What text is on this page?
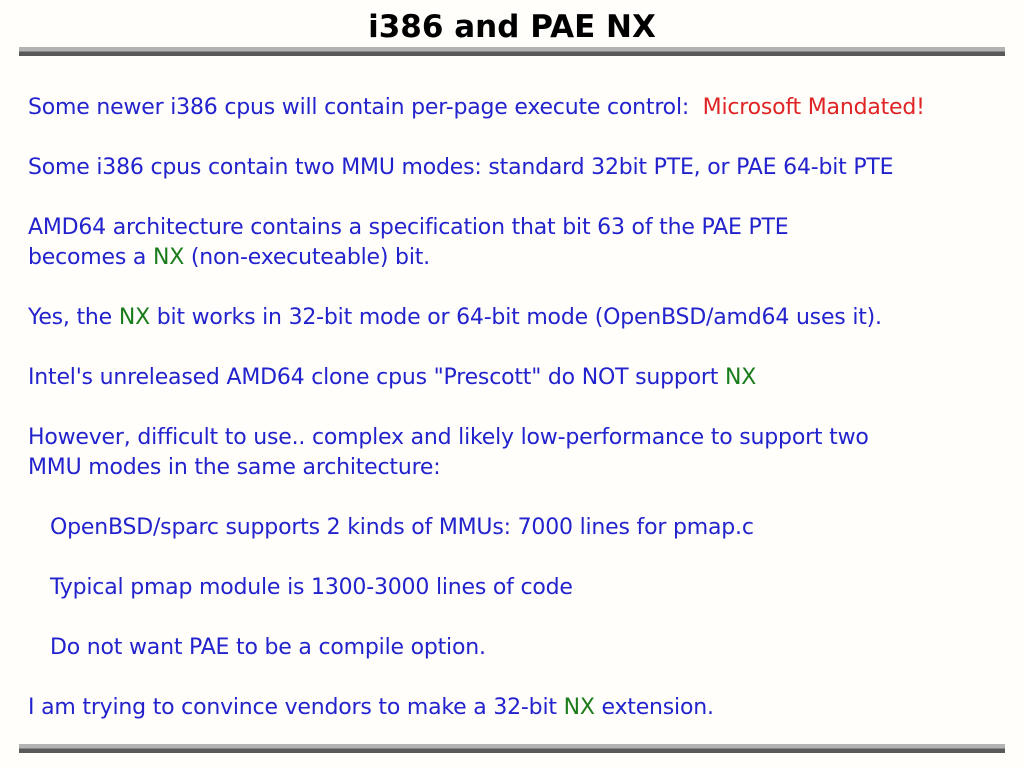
i386 and PAE NX
Some newer i386 cpus will contain per-page execute control:  Microsoft Mandated!
Some i386 cpus contain two MMU modes: standard 32bit PTE, or PAE 64-bit PTE
AMD64 architecture contains a specification that bit 63 of the PAE PTE
becomes a NX (non-executeable) bit.
Yes, the NX bit works in 32-bit mode or 64-bit mode (OpenBSD/amd64 uses it).
Intel's unreleased AMD64 clone cpus "Prescott" do NOT support NX
However, difficult to use.. complex and likely low-performance to support two
MMU modes in the same architecture:
OpenBSD/sparc supports 2 kinds of MMUs: 7000 lines for pmap.c
Typical pmap module is 1300-3000 lines of code
Do not want PAE to be a compile option.
I am trying to convince vendors to make a 32-bit NX extension.
